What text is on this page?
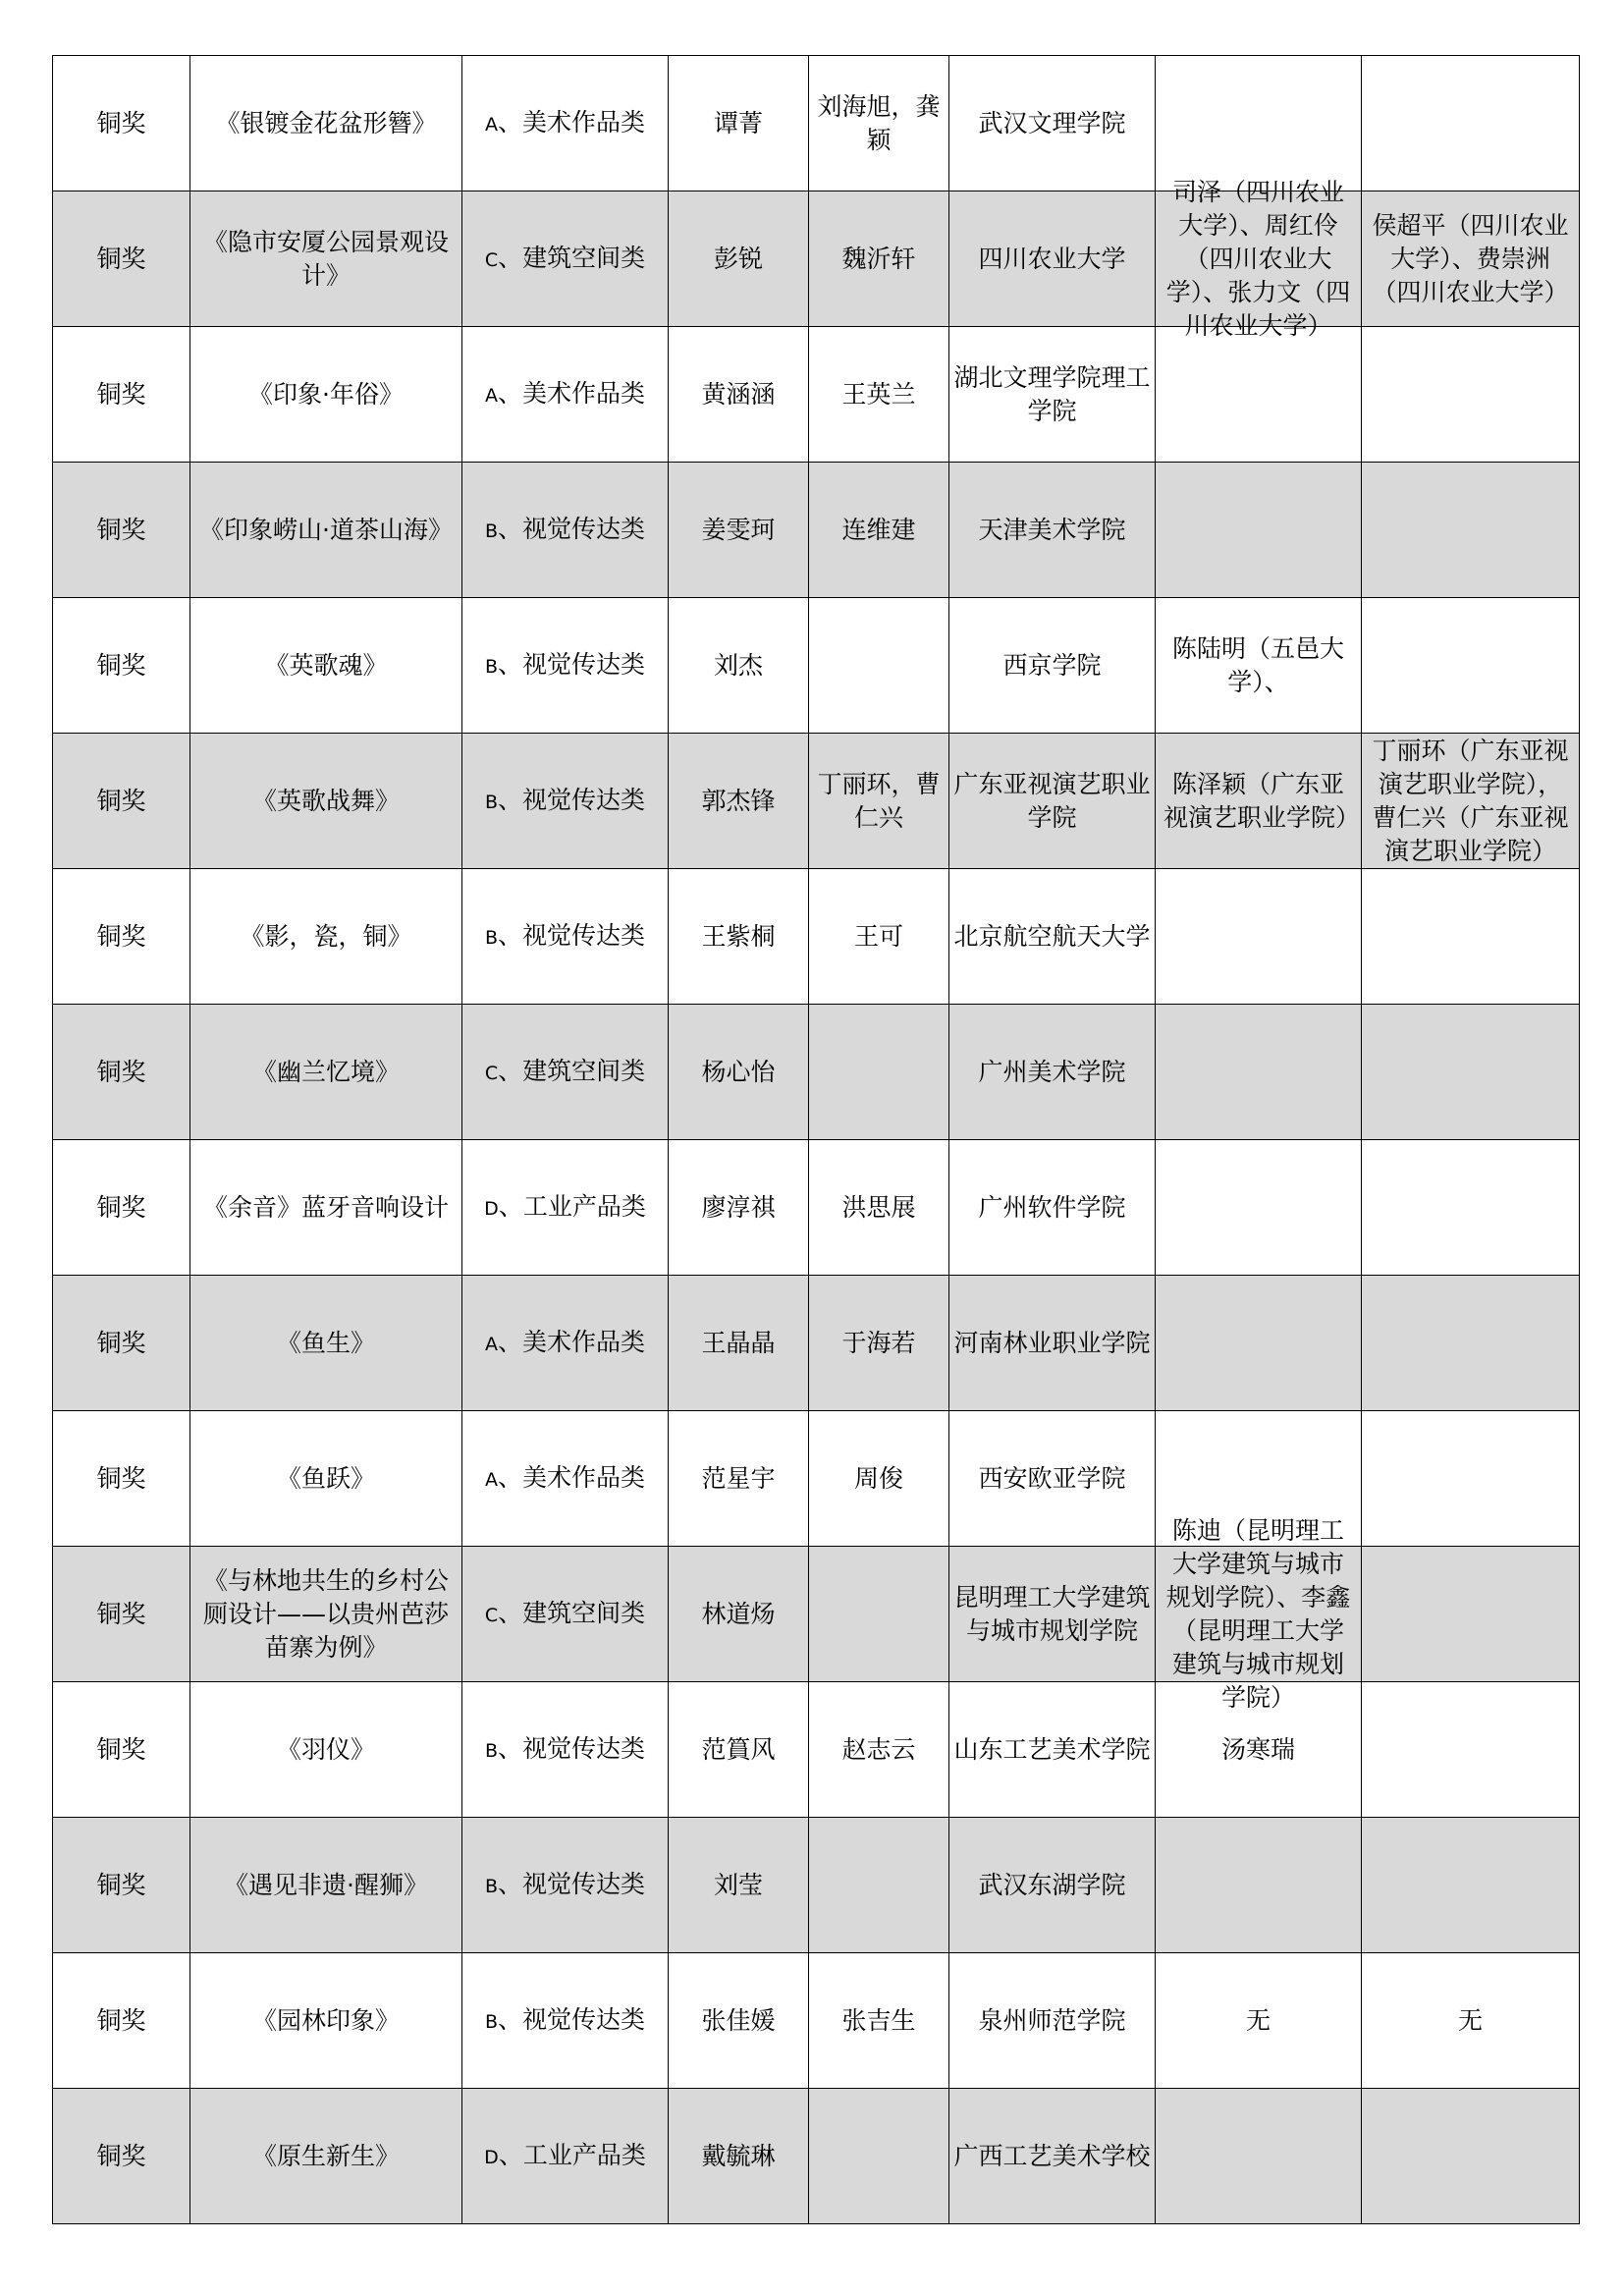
铜奖	《银镀金花盆形簪》	A、美术作品类	谭菁	刘海旭，龚颖	武汉文理学院	

铜奖	《隐市安厦公园景观设计》	C、建筑空间类	彭锐	魏沂轩	四川农业大学	司泽（四川农业大学）、周红伶（四川农业大学）、张力文（四川农业大学）	侯超平（四川农业大学）、费崇洲（四川农业大学）

铜奖	《印象·年俗》	A、美术作品类	黄涵涵	王英兰	湖北文理学院理工学院	

铜奖	《印象崂山·道茶山海》	B、视觉传达类	姜雯珂	连维建	天津美术学院	

铜奖	《英歌魂》	B、视觉传达类	刘杰		西京学院	陈陆明（五邑大学）、	

铜奖	《英歌战舞》	B、视觉传达类	郭杰锋	丁丽环，曹仁兴	广东亚视演艺职业学院	陈泽颖（广东亚视演艺职业学院）	丁丽环（广东亚视演艺职业学院），曹仁兴（广东亚视演艺职业学院）

铜奖	《影，瓷，铜》	B、视觉传达类	王紫桐	王可	北京航空航天大学	

铜奖	《幽兰忆境》	C、建筑空间类	杨心怡		广州美术学院	

铜奖	《余音》蓝牙音响设计	D、工业产品类	廖淳祺	洪思展	广州软件学院	

铜奖	《鱼生》	A、美术作品类	王晶晶	于海若	河南林业职业学院	

铜奖	《鱼跃》	A、美术作品类	范星宇	周俊	西安欧亚学院	

铜奖	《与林地共生的乡村公厕设计——以贵州芭莎苗寨为例》	C、建筑空间类	林道炀		昆明理工大学建筑与城市规划学院	陈迪（昆明理工大学建筑与城市规划学院）、李鑫（昆明理工大学建筑与城市规划学院）	

铜奖	《羽仪》	B、视觉传达类	范篔风	赵志云	山东工艺美术学院	汤寒瑞	

铜奖	《遇见非遗·醒狮》	B、视觉传达类	刘莹		武汉东湖学院	

铜奖	《园林印象》	B、视觉传达类	张佳媛	张吉生	泉州师范学院	无	无

铜奖	《原生新生》	D、工业产品类	戴毓琳		广西工艺美术学校	
